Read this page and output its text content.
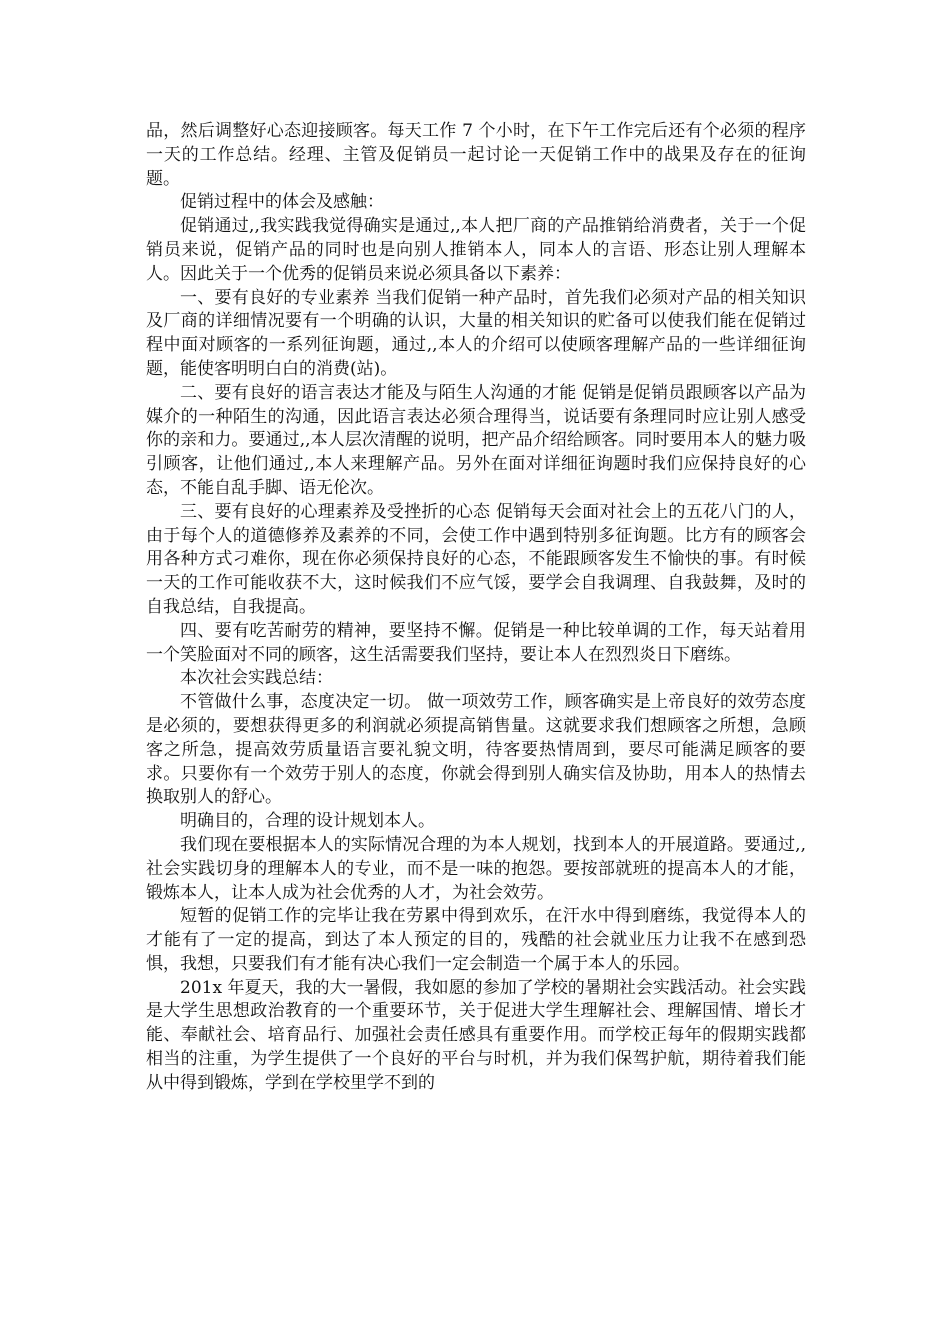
品，然后调整好心态迎接顾客。每天工作 7 个小时，在下午工作完后还有个必须的程序一天的工作总结。经理、主管及促销员一起讨论一天促销工作中的战果及存在的征询题。

促销过程中的体会及感触：

促销通过,,我实践我觉得确实是通过,,本人把厂商的产品推销给消费者，关于一个促销员来说，促销产品的同时也是向别人推销本人，同本人的言语、形态让别人理解本人。因此关于一个优秀的促销员来说必须具备以下素养：

一、要有良好的专业素养 当我们促销一种产品时，首先我们必须对产品的相关知识及厂商的详细情况要有一个明确的认识，大量的相关知识的贮备可以使我们能在促销过程中面对顾客的一系列征询题，通过,,本人的介绍可以使顾客理解产品的一些详细征询题，能使客明明白白的消费(站)。

二、要有良好的语言表达才能及与陌生人沟通的才能 促销是促销员跟顾客以产品为媒介的一种陌生的沟通，因此语言表达必须合理得当，说话要有条理同时应让别人感受你的亲和力。要通过,,本人层次清醒的说明，把产品介绍给顾客。同时要用本人的魅力吸引顾客，让他们通过,,本人来理解产品。另外在面对详细征询题时我们应保持良好的心态，不能自乱手脚、语无伦次。

三、要有良好的心理素养及受挫折的心态 促销每天会面对社会上的五花八门的人，由于每个人的道德修养及素养的不同，会使工作中遇到特别多征询题。比方有的顾客会用各种方式刁难你，现在你必须保持良好的心态，不能跟顾客发生不愉快的事。有时候一天的工作可能收获不大，这时候我们不应气馁，要学会自我调理、自我鼓舞，及时的自我总结，自我提高。

四、要有吃苦耐劳的精神，要坚持不懈。促销是一种比较单调的工作，每天站着用一个笑脸面对不同的顾客，这生活需要我们坚持，要让本人在烈烈炎日下磨练。

本次社会实践总结：

不管做什么事，态度决定一切。 做一项效劳工作，顾客确实是上帝良好的效劳态度是必须的，要想获得更多的利润就必须提高销售量。这就要求我们想顾客之所想，急顾客之所急，提高效劳质量语言要礼貌文明，待客要热情周到，要尽可能满足顾客的要求。只要你有一个效劳于别人的态度，你就会得到别人确实信及协助，用本人的热情去换取别人的舒心。

明确目的，合理的设计规划本人。

我们现在要根据本人的实际情况合理的为本人规划，找到本人的开展道路。要通过,,社会实践切身的理解本人的专业，而不是一味的抱怨。要按部就班的提高本人的才能，锻炼本人，让本人成为社会优秀的人才，为社会效劳。

短暂的促销工作的完毕让我在劳累中得到欢乐，在汗水中得到磨练，我觉得本人的才能有了一定的提高，到达了本人预定的目的，残酷的社会就业压力让我不在感到恐惧，我想，只要我们有才能有决心我们一定会制造一个属于本人的乐园。

201x 年夏天，我的大一暑假，我如愿的参加了学校的暑期社会实践活动。社会实践是大学生思想政治教育的一个重要环节，关于促进大学生理解社会、理解国情、增长才能、奉献社会、培育品行、加强社会责任感具有重要作用。而学校正每年的假期实践都相当的注重，为学生提供了一个良好的平台与时机，并为我们保驾护航，期待着我们能从中得到锻炼，学到在学校里学不到的
